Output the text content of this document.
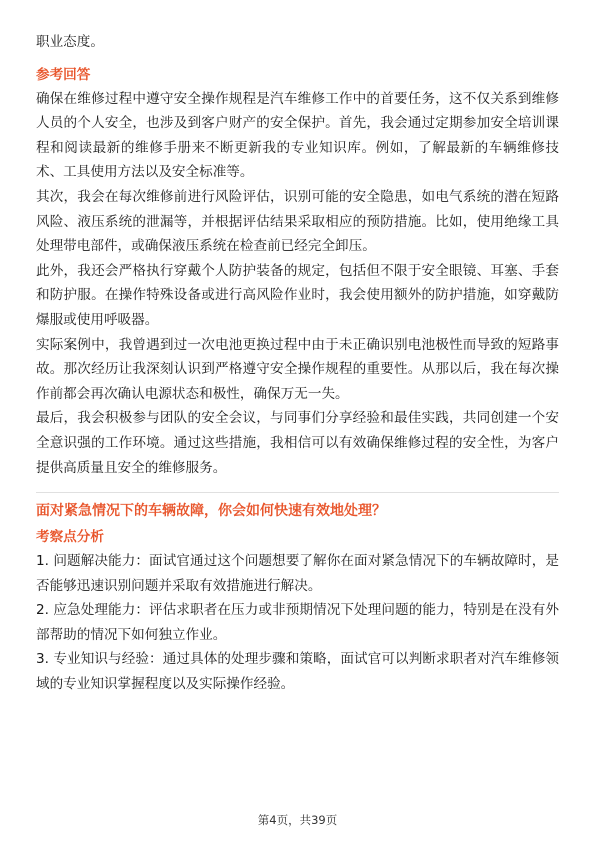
职业态度。

参考回答

确保在维修过程中遵守安全操作规程是汽车维修工作中的首要任务，这不仅关系到维修人员的个人安全，也涉及到客户财产的安全保护。首先，我会通过定期参加安全培训课程和阅读最新的维修手册来不断更新我的专业知识库。例如，了解最新的车辆维修技术、工具使用方法以及安全标准等。

其次，我会在每次维修前进行风险评估，识别可能的安全隐患，如电气系统的潜在短路风险、液压系统的泄漏等，并根据评估结果采取相应的预防措施。比如，使用绝缘工具处理带电部件，或确保液压系统在检查前已经完全卸压。

此外，我还会严格执行穿戴个人防护装备的规定，包括但不限于安全眼镜、耳塞、手套和防护服。在操作特殊设备或进行高风险作业时，我会使用额外的防护措施，如穿戴防爆服或使用呼吸器。

实际案例中，我曾遇到过一次电池更换过程中由于未正确识别电池极性而导致的短路事故。那次经历让我深刻认识到严格遵守安全操作规程的重要性。从那以后，我在每次操作前都会再次确认电源状态和极性，确保万无一失。

最后，我会积极参与团队的安全会议，与同事们分享经验和最佳实践，共同创建一个安全意识强的工作环境。通过这些措施，我相信可以有效确保维修过程的安全性，为客户提供高质量且安全的维修服务。

面对紧急情况下的车辆故障，你会如何快速有效地处理？
考察点分析

1. 问题解决能力：面试官通过这个问题想要了解你在面对紧急情况下的车辆故障时，是否能够迅速识别问题并采取有效措施进行解决。

2. 应急处理能力：评估求职者在压力或非预期情况下处理问题的能力，特别是在没有外部帮助的情况下如何独立作业。

3. 专业知识与经验：通过具体的处理步骤和策略，面试官可以判断求职者对汽车维修领域的专业知识掌握程度以及实际操作经验。

第4页，共39页
